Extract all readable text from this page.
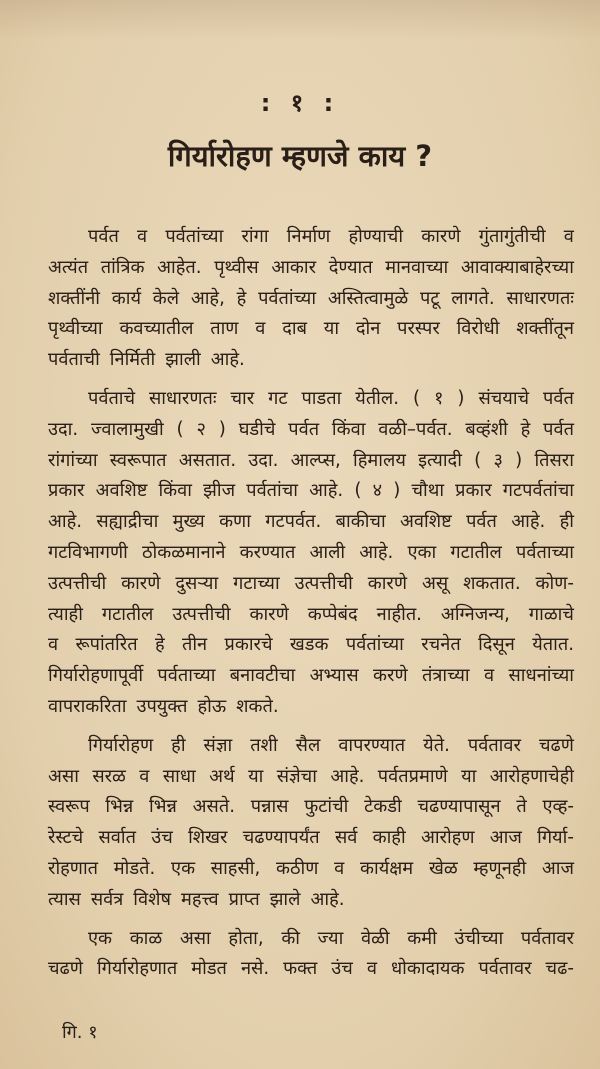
: १ :
गिर्यारोहण म्हणजे काय ?
पर्वत व पर्वतांच्या रांगा निर्माण होण्याची कारणे गुंतागुंतीची व
अत्यंत तांत्रिक आहेत. पृथ्वीस आकार देण्यात मानवाच्या आवाक्याबाहेरच्या
शक्तींनी कार्य केले आहे, हे पर्वतांच्या अस्तित्वामुळे पटू लागते. साधारणतः
पृथ्वीच्या कवच्यातील ताण व दाब या दोन परस्पर विरोधी शक्तींतून
पर्वताची निर्मिती झाली आहे.
पर्वताचे साधारणतः चार गट पाडता येतील. ( १ ) संचयाचे पर्वत
उदा. ज्वालामुखी ( २ ) घडीचे पर्वत किंवा वळी–पर्वत. बव्हंशी हे पर्वत
रांगांच्या स्वरूपात असतात. उदा. आल्प्स, हिमालय इत्यादी ( ३ ) तिसरा
प्रकार अवशिष्ट किंवा झीज पर्वतांचा आहे. ( ४ ) चौथा प्रकार गटपर्वतांचा
आहे. सह्याद्रीचा मुख्य कणा गटपर्वत. बाकीचा अवशिष्ट पर्वत आहे. ही
गटविभागणी ठोकळमानाने करण्यात आली आहे. एका गटातील पर्वताच्या
उत्पत्तीची कारणे दुसऱ्या गटाच्या उत्पत्तीची कारणे असू शकतात. कोण-
त्याही गटातील उत्पत्तीची कारणे कप्पेबंद नाहीत. अग्निजन्य, गाळाचे
व रूपांतरित हे तीन प्रकारचे खडक पर्वतांच्या रचनेत दिसून येतात.
गिर्यारोहणापूर्वी पर्वताच्या बनावटीचा अभ्यास करणे तंत्राच्या व साधनांच्या
वापराकरिता उपयुक्त होऊ शकते.
गिर्यारोहण ही संज्ञा तशी सैल वापरण्यात येते. पर्वतावर चढणे
असा सरळ व साधा अर्थ या संज्ञेचा आहे. पर्वतप्रमाणे या आरोहणाचेही
स्वरूप भिन्न भिन्न असते. पन्नास फुटांची टेकडी चढण्यापासून ते एव्ह-
रेस्टचे सर्वात उंच शिखर चढण्यापर्यंत सर्व काही आरोहण आज गिर्या-
रोहणात मोडते. एक साहसी, कठीण व कार्यक्षम खेळ म्हणूनही आज
त्यास सर्वत्र विशेष महत्त्व प्राप्त झाले आहे.
एक काळ असा होता, की ज्या वेळी कमी उंचीच्या पर्वतावर
चढणे गिर्यारोहणात मोडत नसे. फक्त उंच व धोकादायक पर्वतावर चढ-
गि. १
